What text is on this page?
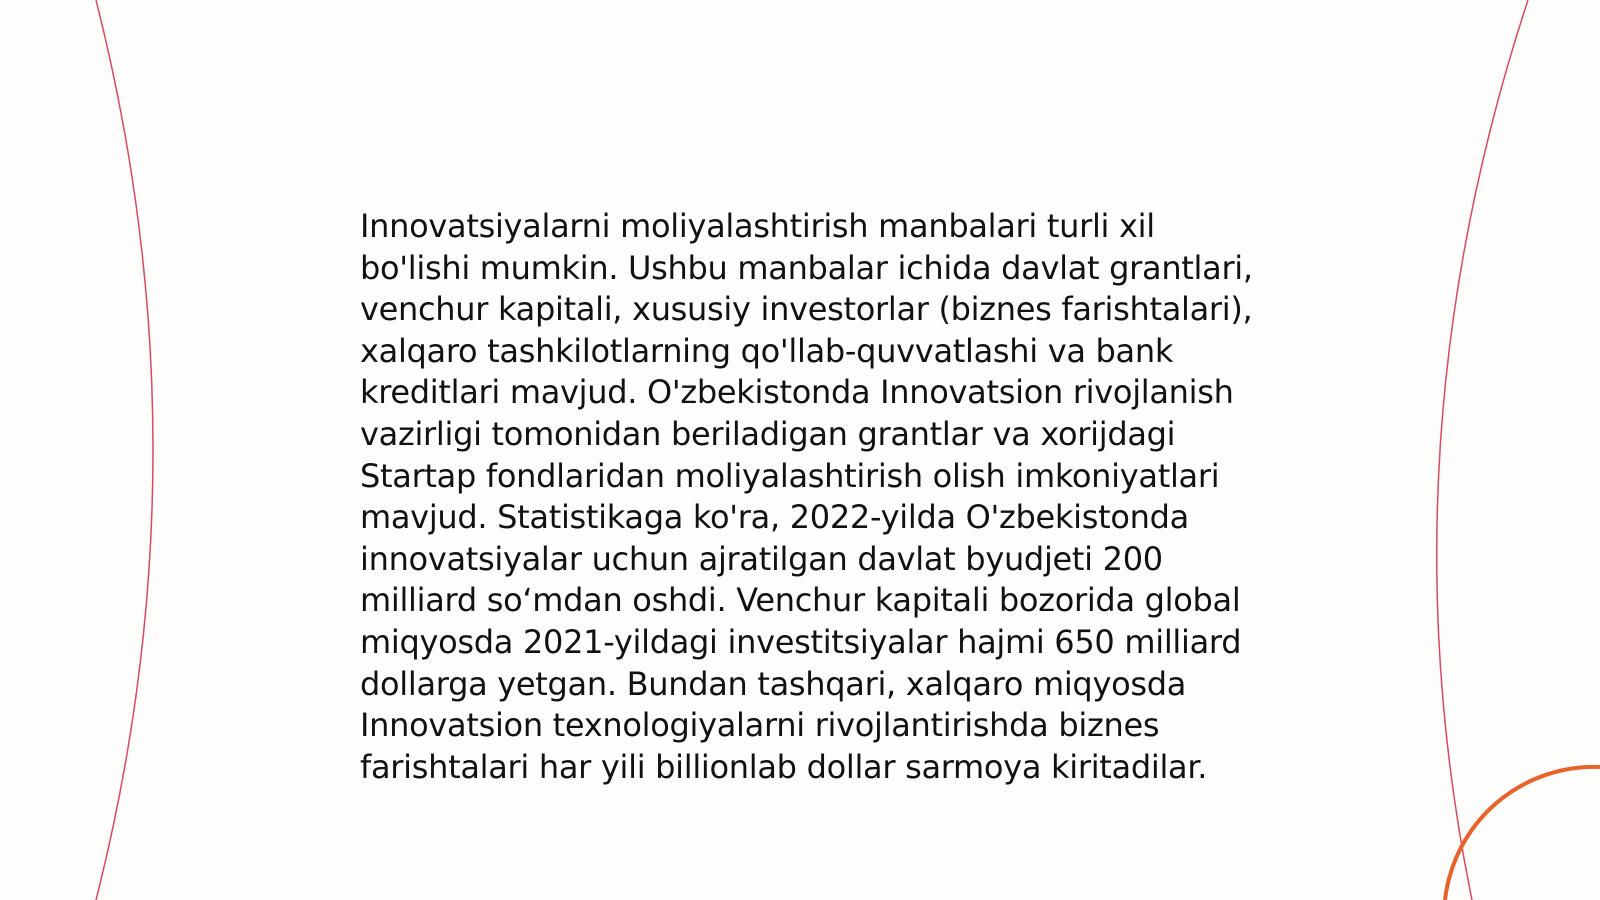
Innovatsiyalarni moliyalashtirish manbalari turli xil bo'lishi mumkin. Ushbu manbalar ichida davlat grantlari, venchur kapitali, xususiy investorlar (biznes farishtalari), xalqaro tashkilotlarning qo'llab-quvvatlashi va bank kreditlari mavjud. O'zbekistonda Innovatsion rivojlanish vazirligi tomonidan beriladigan grantlar va xorijdagi Startap fondlaridan moliyalashtirish olish imkoniyatlari mavjud. Statistikaga ko'ra, 2022-yilda O'zbekistonda innovatsiyalar uchun ajratilgan davlat byudjeti 200 milliard so‘mdan oshdi. Venchur kapitali bozorida global miqyosda 2021-yildagi investitsiyalar hajmi 650 milliard dollarga yetgan. Bundan tashqari, xalqaro miqyosda Innovatsion texnologiyalarni rivojlantirishda biznes farishtalari har yili billionlab dollar sarmoya kiritadilar.
